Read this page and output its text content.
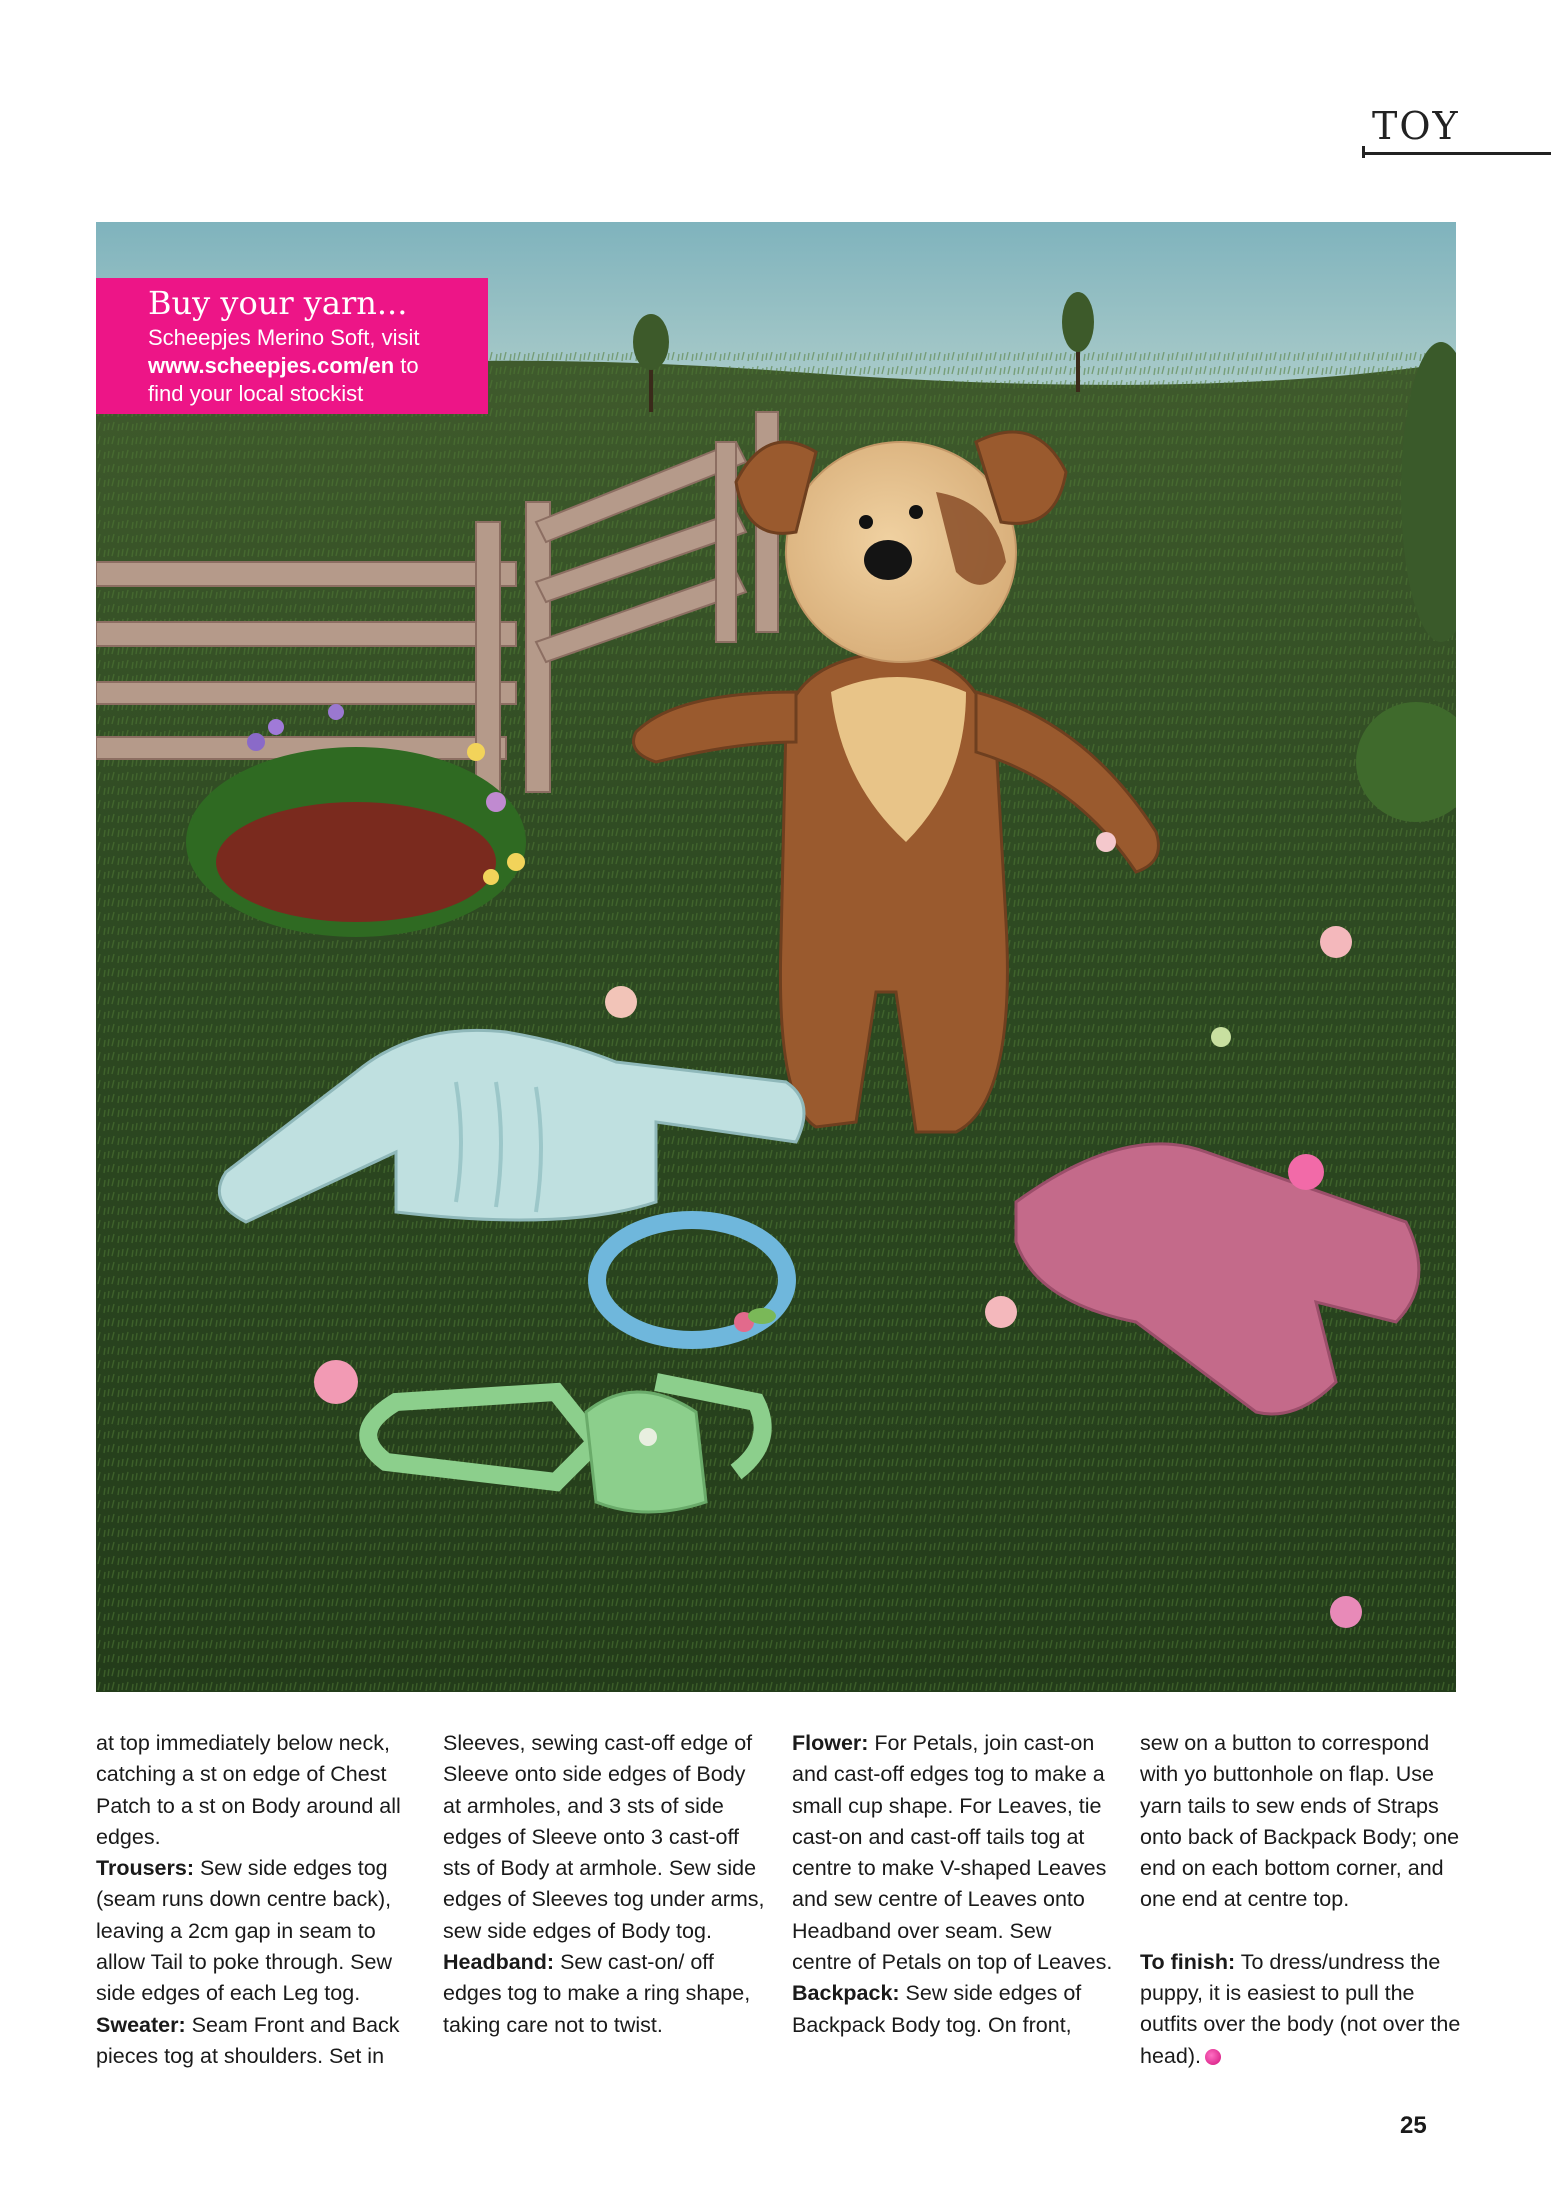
TOY
Buy your yarn...
Scheepjes Merino Soft, visit
www.scheepjes.com/en to
find your local stockist

at top immediately below neck, catching a st on edge of Chest Patch to a st on Body around all edges.

Trousers: Sew side edges tog (seam runs down centre back), leaving a 2cm gap in seam to allow Tail to poke through. Sew side edges of each Leg tog.

Sweater: Seam Front and Back pieces tog at shoulders. Set in

Sleeves, sewing cast-off edge of Sleeve onto side edges of Body at armholes, and 3 sts of side edges of Sleeve onto 3 cast-off sts of Body at armhole. Sew side edges of Sleeves tog under arms, sew side edges of Body tog.

Headband: Sew cast-on/ off edges tog to make a ring shape, taking care not to twist.

Flower: For Petals, join cast-on and cast-off edges tog to make a small cup shape. For Leaves, tie cast-on and cast-off tails tog at centre to make V-shaped Leaves and sew centre of Leaves onto Headband over seam. Sew centre of Petals on top of Leaves.

Backpack: Sew side edges of Backpack Body tog. On front,

sew on a button to correspond with yo buttonhole on flap. Use yarn tails to sew ends of Straps onto back of Backpack Body; one end on each bottom corner, and one end at centre top.

To finish: To dress/undress the puppy, it is easiest to pull the outfits over the body (not over the head).

25
